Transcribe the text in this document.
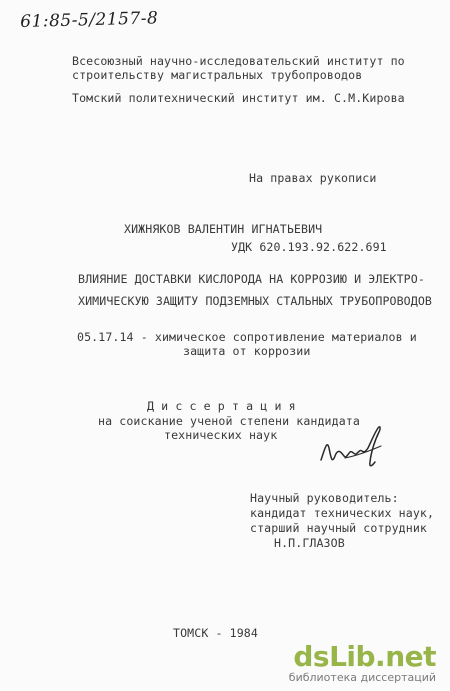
61:85-5/2157-8
Всесоюзный научно-исследовательский институт по
строительству магистральных трубопроводов
Томский политехнический институт им. С.М.Кирова
На правах рукописи
ХИЖНЯКОВ ВАЛЕНТИН ИГНАТЬЕВИЧ
УДК 620.193.92.622.691
ВЛИЯНИЕ ДОСТАВКИ КИСЛОРОДА НА КОРРОЗИЮ И ЭЛЕКТРО-
ХИМИЧЕСКУЮ ЗАЩИТУ ПОДЗЕМНЫХ СТАЛЬНЫХ ТРУБОПРОВОДОВ
05.17.14 - химическое сопротивление материалов и
защита от коррозии
Д и с с е р т а ц и я
на соискание ученой степени кандидата
технических наук
Научный руководитель:
кандидат технических наук,
старший научный сотрудник
Н.П.ГЛАЗОВ
ТОМСК - 1984
dsLib.net
библиотека диссертаций
